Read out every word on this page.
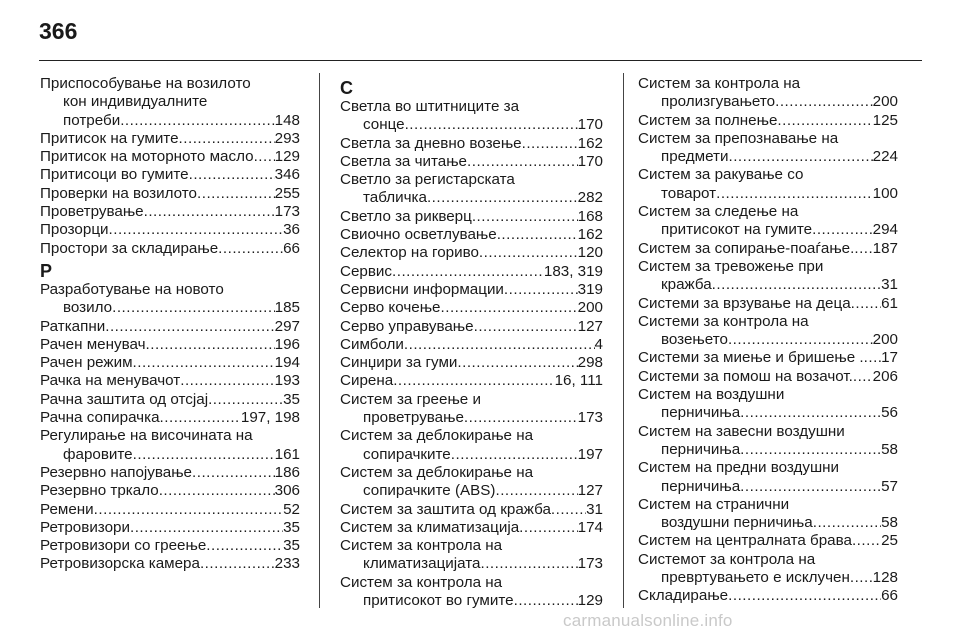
366
Приспособување на возилото
кон индивидуалните
потреби .....	148
Притисок на гумите .....	293
Притисок на моторното масло ..... 129
Притисоци во гумите .....	346
Проверки на возилото .....	255
Проветрување .....	173
Прозорци .....	36
Простори за складирање .....	66
Р
Разработување на новото
возило .....	185
Раткапни .....	297
Рачен менувач .....	196
Рачен режим .....	194
Рачка на менувачот .....	193
Рачна заштита од отсјај .....	35
Рачна сопирачка .....	197, 198
Регулирање на височината на
фаровите .....	161
Резервно напојување .....	186
Резервно тркало .....	306
Ремени .....	52
Ретровизори .....	35
Ретровизори со греење .....	35
Ретровизорска камера .....	233
С
Светла во штитниците за
сонце .....	170
Светла за дневно возење .....	162
Светла за читање .....	170
Светло за регистарската
табличка .....	282
Светло за рикверц .....	168
Свиочно осветлување .....	162
Селектор на гориво .....	120
Сервис .....	183, 319
Сервисни информации .....	319
Серво кочење .....	200
Серво управување .....	127
Симболи .....	4
Синџири за гуми .....	298
Сирена .....	16, 111
Систем за греење и
проветрување .....	173
Систем за деблокирање на
сопирачките .....	197
Систем за деблокирање на
сопирачките (ABS) .....	127
Систем за заштита од кражба ..... 31
Систем за климатизација .....	174
Систем за контрола на
климатизацијата .....	173
Систем за контрола на
притисокот во гумите .....	129
Систем за контрола на
пролизгувањето .....	200
Систем за полнење .....	125
Систем за препознавање на
предмети .....	224
Систем за ракување со
товарот .....	100
Систем за следење на
притисокот на гумите .....	294
Систем за сопирање-поаѓање. ..... 187
Систем за тревожење при
кражба .....	31
Системи за врзување на деца ..... 61
Системи за контрола на
возењето .....	200
Системи за миење и бришење . ..... 17
Системи за помош на возачот. ..... 206
Систем на воздушни
перничиња .....	56
Систем на завесни воздушни
перничиња .....	58
Систем на предни воздушни
перничиња .....	57
Систем на странични
воздушни перничиња .....	58
Систем на централната брава ..... 25
Системот за контрола на
превртувањето е исклучен ..... 128
Складирање .....	66
carmanualsonline.info
